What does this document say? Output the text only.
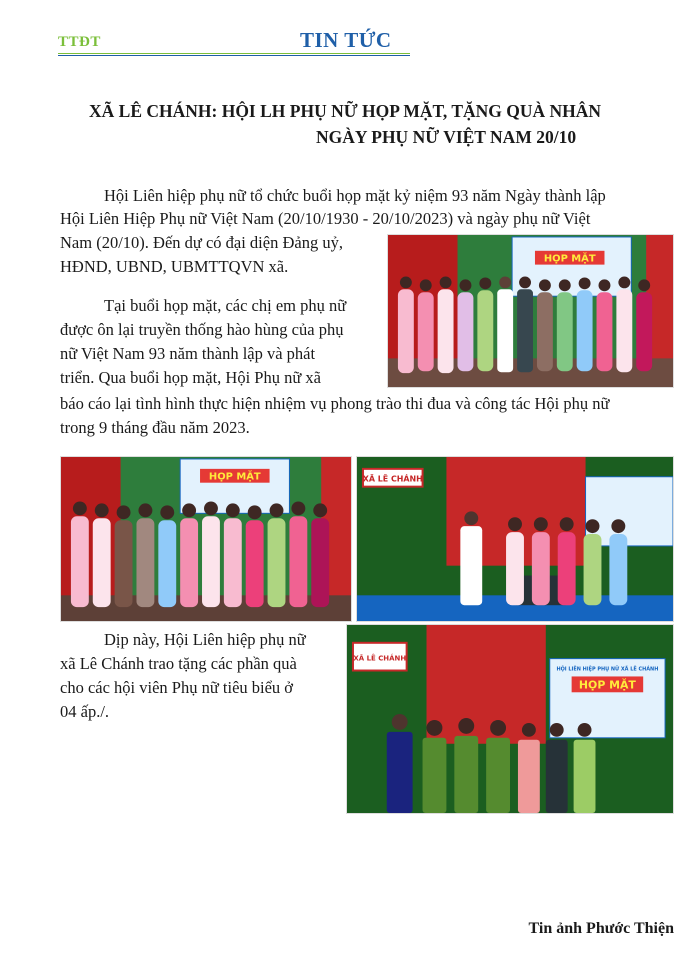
TTĐT	TIN TỨC
XÃ LÊ CHÁNH: HỘI LH PHỤ NỮ HỌP MẶT, TẶNG QUÀ NHÂN
NGÀY PHỤ NỮ VIỆT NAM 20/10
Hội Liên hiệp phụ nữ tổ chức buổi họp mặt kỷ niệm 93 năm Ngày thành lập
Hội Liên Hiệp Phụ nữ Việt Nam (20/10/1930 - 20/10/2023) và ngày phụ nữ Việt
Nam (20/10). Đến dự có đại diện Đảng uỷ,
HĐND, UBND, UBMTTQVN xã.
Tại buổi họp mặt, các chị em phụ nữ
được ôn lại truyền thống hào hùng của phụ
nữ Việt Nam 93 năm thành lập và phát
triển. Qua buổi họp mặt, Hội Phụ nữ xã
báo cáo lại tình hình thực hiện nhiệm vụ phong trào thi đua và công tác Hội phụ nữ
trong 9 tháng đầu năm 2023.
HỌP MẶT
HỌP MẶT	XÃ LÊ CHÁNH
Dịp này, Hội Liên hiệp phụ nữ
xã Lê Chánh trao tặng các phần quà
cho các hội viên Phụ nữ tiêu biểu ở
04 ấp./.
XÃ LÊ CHÁNH
HỌP MẶT
HỘI LIÊN HIỆP PHỤ NỮ XÃ LÊ CHÁNH
Tin ảnh Phước Thiện
